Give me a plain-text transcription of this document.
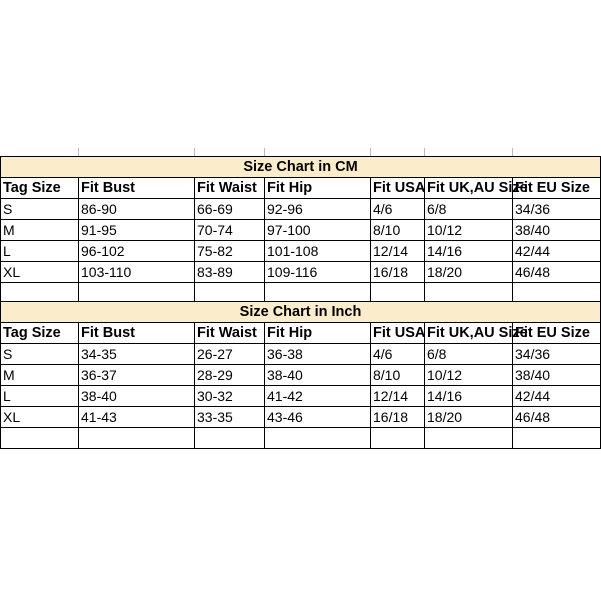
Size Chart in CM						
Tag Size	Fit Bust	Fit Waist	Fit Hip	Fit USA	Fit UK,AU Size	Fit EU Size
S	86-90	66-69	92-96	4/6	6/8	34/36
M	91-95	70-74	97-100	8/10	10/12	38/40
L	96-102	75-82	101-108	12/14	14/16	42/44
XL	103-110	83-89	109-116	16/18	18/20	46/48

Size Chart in Inch						
Tag Size	Fit Bust	Fit Waist	Fit Hip	Fit USA	Fit UK,AU Size	Fit EU Size
S	34-35	26-27	36-38	4/6	6/8	34/36
M	36-37	28-29	38-40	8/10	10/12	38/40
L	38-40	30-32	41-42	12/14	14/16	42/44
XL	41-43	33-35	43-46	16/18	18/20	46/48
